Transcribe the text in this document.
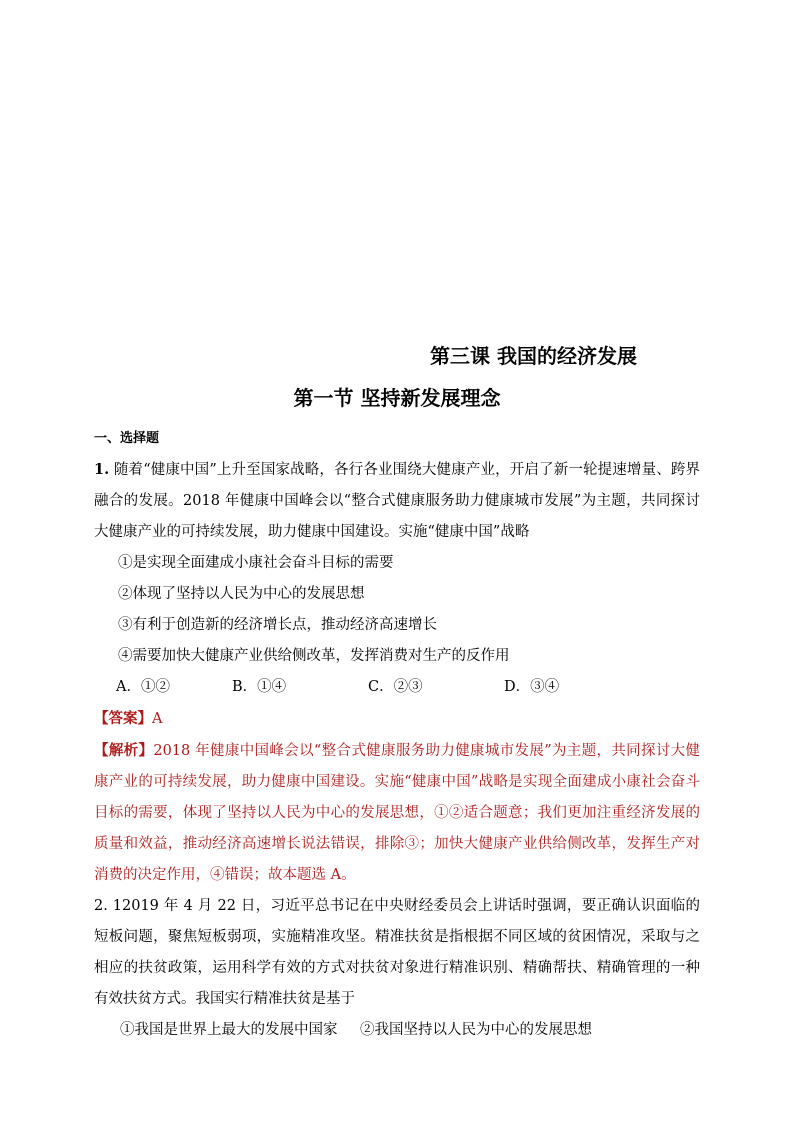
第三课 我国的经济发展
第一节 坚持新发展理念
一、选择题

1. 随着“健康中国”上升至国家战略，各行各业围绕大健康产业，开启了新一轮提速增量、跨界融合的发展。2018 年健康中国峰会以“整合式健康服务助力健康城市发展”为主题，共同探讨大健康产业的可持续发展，助力健康中国建设。实施“健康中国”战略

①是实现全面建成小康社会奋斗目标的需要

②体现了坚持以人民为中心的发展思想

③有利于创造新的经济增长点，推动经济高速增长

④需要加快大健康产业供给侧改革，发挥消费对生产的反作用

A．①②	B．①④	C．②③	D．③④

【答案】A

【解析】2018 年健康中国峰会以“整合式健康服务助力健康城市发展”为主题，共同探讨大健康产业的可持续发展，助力健康中国建设。实施“健康中国”战略是实现全面建成小康社会奋斗目标的需要，体现了坚持以人民为中心的发展思想，①②适合题意；我们更加注重经济发展的质量和效益，推动经济高速增长说法错误，排除③；加快大健康产业供给侧改革，发挥生产对消费的决定作用，④错误；故本题选 A。

2. 12019 年 4 月 22 日，习近平总书记在中央财经委员会上讲话时强调，要正确认识面临的短板问题，聚焦短板弱项，实施精准攻坚。精准扶贫是指根据不同区域的贫困情况，采取与之相应的扶贫政策，运用科学有效的方式对扶贫对象进行精准识别、精确帮扶、精确管理的一种有效扶贫方式。我国实行精准扶贫是基于

①我国是世界上最大的发展中国家 ②我国坚持以人民为中心的发展思想
